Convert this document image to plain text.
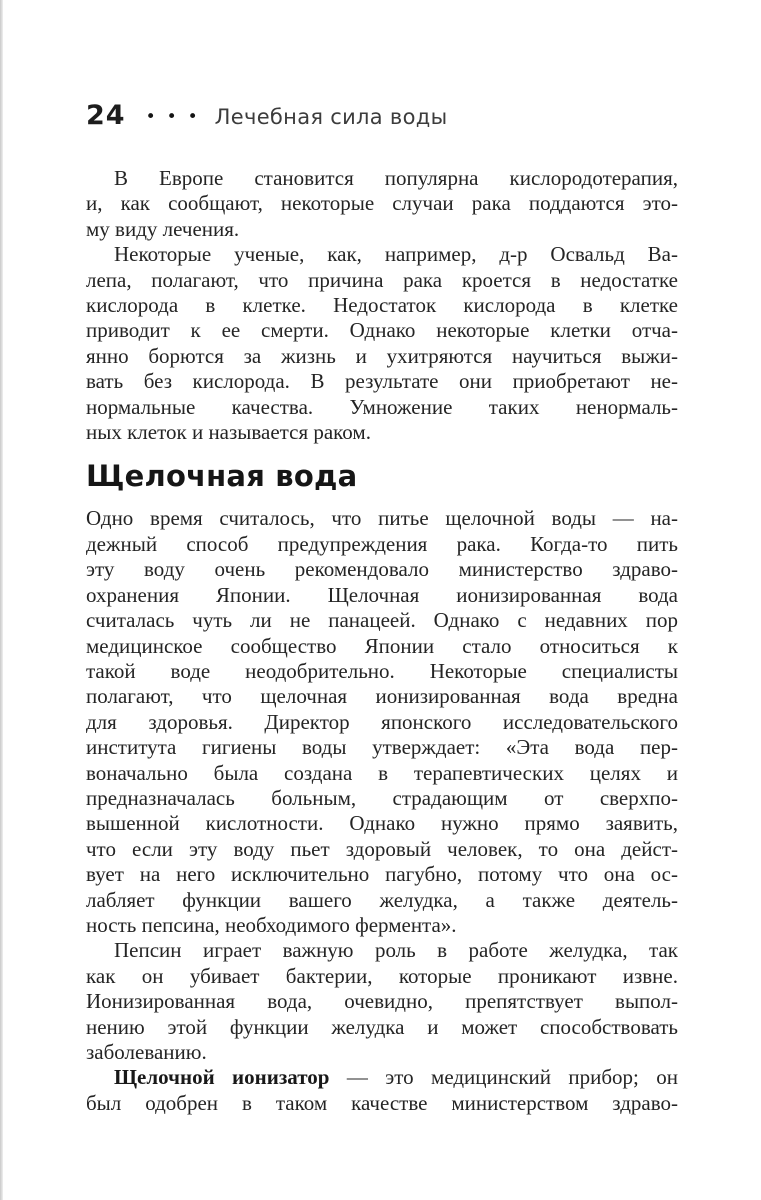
24 ••• Лечебная сила воды
В Европе становится популярна кислородотерапия,
и, как сообщают, некоторые случаи рака поддаются это-
му виду лечения.
Некоторые ученые, как, например, д-р Освальд Ва-
лепа, полагают, что причина рака кроется в недостатке
кислорода в клетке. Недостаток кислорода в клетке
приводит к ее смерти. Однако некоторые клетки отча-
янно борются за жизнь и ухитряются научиться выжи-
вать без кислорода. В результате они приобретают не-
нормальные качества. Умножение таких ненормаль-
ных клеток и называется раком.
Щелочная вода
Одно время считалось, что питье щелочной воды — на-
дежный способ предупреждения рака. Когда-то пить
эту воду очень рекомендовало министерство здраво-
охранения Японии. Щелочная ионизированная вода
считалась чуть ли не панацеей. Однако с недавних пор
медицинское сообщество Японии стало относиться к
такой воде неодобрительно. Некоторые специалисты
полагают, что щелочная ионизированная вода вредна
для здоровья. Директор японского исследовательского
института гигиены воды утверждает: «Эта вода пер-
воначально была создана в терапевтических целях и
предназначалась больным, страдающим от сверхпо-
вышенной кислотности. Однако нужно прямо заявить,
что если эту воду пьет здоровый человек, то она дейст-
вует на него исключительно пагубно, потому что она ос-
лабляет функции вашего желудка, а также деятель-
ность пепсина, необходимого фермента».
Пепсин играет важную роль в работе желудка, так
как он убивает бактерии, которые проникают извне.
Ионизированная вода, очевидно, препятствует выпол-
нению этой функции желудка и может способствовать
заболеванию.
Щелочной ионизатор — это медицинский прибор; он
был одобрен в таком качестве министерством здраво-
